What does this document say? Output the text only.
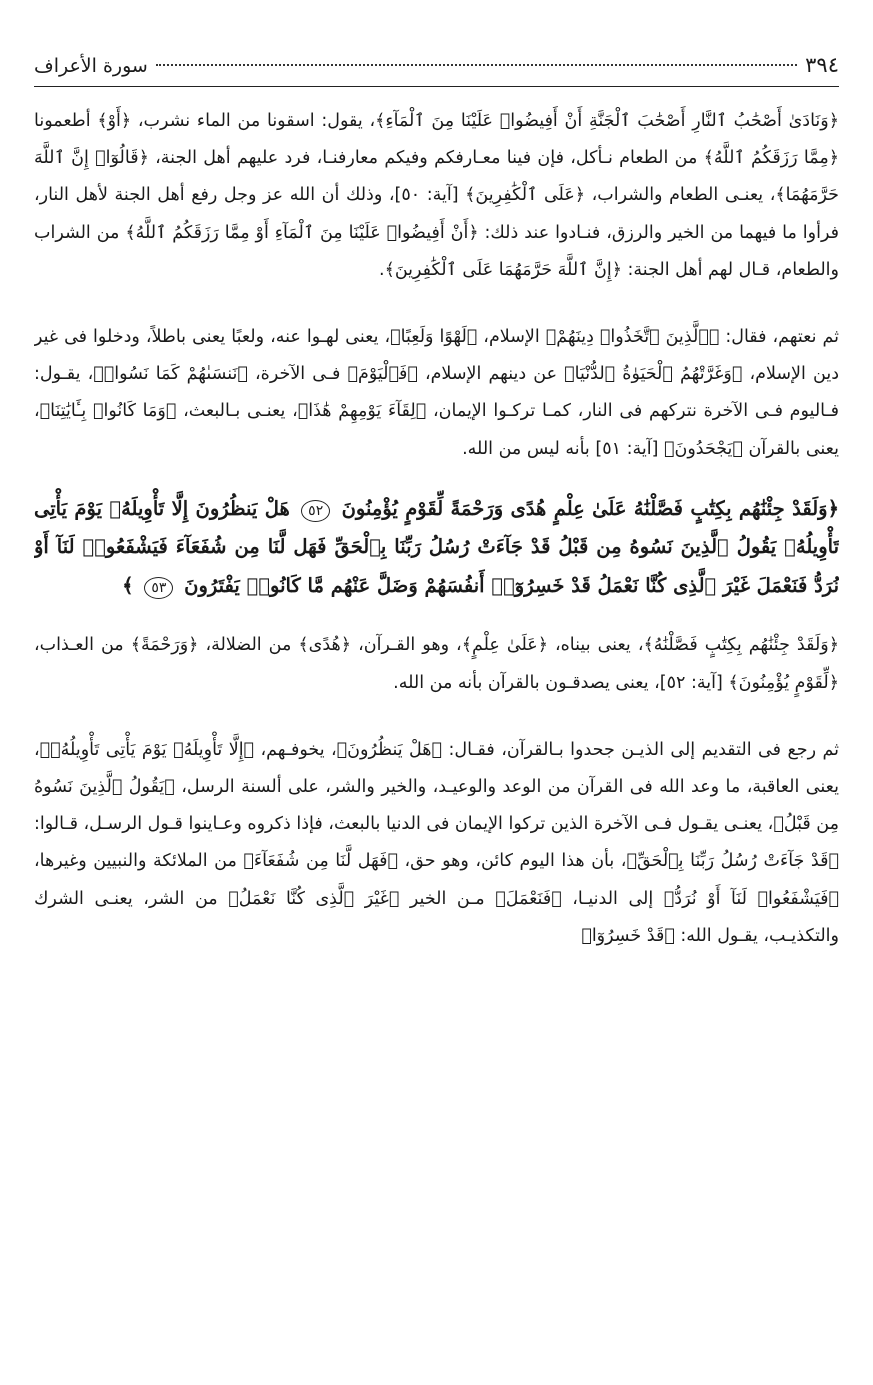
٣٩٤
سورة الأعراف

﴿وَنَادَىٰ أَصْحَٰبُ ٱلنَّارِ أَصْحَٰبَ ٱلْجَنَّةِ أَنْ أَفِيضُوا۟ عَلَيْنَا مِنَ ٱلْمَآءِ﴾، يقول: اسقونا من الماء نشرب، ﴿أَوْ﴾ أطعمونا ﴿مِمَّا رَزَقَكُمُ ٱللَّهُ﴾ من الطعام نـأكل، فإن فينا معـارفكم وفيكم معارفنـا، فرد عليهم أهل الجنة، ﴿قَالُوٓا۟ إِنَّ ٱللَّهَ حَرَّمَهُمَا﴾، يعنـى الطعام والشراب، ﴿عَلَى ٱلْكَٰفِرِينَ﴾ [آية: ٥٠]، وذلك أن الله عز وجل رفع أهل الجنة لأهل النار، فرأوا ما فيهما من الخير والرزق، فنـادوا عند ذلك: ﴿أَنْ أَفِيضُوا۟ عَلَيْنَا مِنَ ٱلْمَآءِ أَوْ مِمَّا رَزَقَكُمُ ٱللَّهُ﴾ من الشراب والطعام، قـال لهم أهل الجنة: ﴿إِنَّ ٱللَّهَ حَرَّمَهُمَا عَلَى ٱلْكَٰفِرِينَ﴾.

ثم نعتهم، فقال: ﴿ٱلَّذِينَ ٱتَّخَذُوا۟ دِينَهُمْ﴾ الإسلام، ﴿لَهْوًا وَلَعِبًا﴾، يعنى لهـوا عنه، ولعبًا يعنى باطلاً، ودخلوا فى غير دين الإسلام، ﴿وَغَرَّتْهُمُ ٱلْحَيَوٰةُ ٱلدُّنْيَا﴾ عن دينهم الإسلام، ﴿فَٱلْيَوْمَ﴾ فـى الآخرة، ﴿نَنسَىٰهُمْ كَمَا نَسُوا۟﴾، يقـول: فـاليوم فـى الآخرة نتركهم فى النار، كمـا تركـوا الإيمان، ﴿لِقَآءَ يَوْمِهِمْ هَٰذَا﴾، يعنـى بـالبعث، ﴿وَمَا كَانُوا۟ بِـَٔايَٰتِنَا﴾، يعنى بالقرآن ﴿يَجْحَدُونَ﴾ [آية: ٥١] بأنه ليس من الله.

﴿وَلَقَدْ جِئْنَٰهُم بِكِتَٰبٍ فَصَّلْنَٰهُ عَلَىٰ عِلْمٍ هُدًى وَرَحْمَةً لِّقَوْمٍ يُؤْمِنُونَ ٥٢ هَلْ يَنظُرُونَ إِلَّا تَأْوِيلَهُۥ يَوْمَ يَأْتِى تَأْوِيلُهُۥ يَقُولُ ٱلَّذِينَ نَسُوهُ مِن قَبْلُ قَدْ جَآءَتْ رُسُلُ رَبِّنَا بِٱلْحَقِّ فَهَل لَّنَا مِن شُفَعَآءَ فَيَشْفَعُوا۟ لَنَآ أَوْ نُرَدُّ فَنَعْمَلَ غَيْرَ ٱلَّذِى كُنَّا نَعْمَلُ قَدْ خَسِرُوٓا۟ أَنفُسَهُمْ وَضَلَّ عَنْهُم مَّا كَانُوا۟ يَفْتَرُونَ ٥٣ ﴾

﴿وَلَقَدْ جِئْنَٰهُم بِكِتَٰبٍ فَصَّلْنَٰهُ﴾، يعنى بيناه، ﴿عَلَىٰ عِلْمٍ﴾، وهو القـرآن، ﴿هُدًى﴾ من الضلالة، ﴿وَرَحْمَةً﴾ من العـذاب، ﴿لِّقَوْمٍ يُؤْمِنُونَ﴾ [آية: ٥٢]، يعنى يصدقـون بالقرآن بأنه من الله.

ثم رجع فى التقديم إلى الذيـن جحدوا بـالقرآن، فقـال: ﴿هَلْ يَنظُرُونَ﴾، يخوفـهم، ﴿إِلَّا تَأْوِيلَهُۥ يَوْمَ يَأْتِى تَأْوِيلُهُۥ﴾، يعنى العاقبة، ما وعد الله فى القرآن من الوعد والوعيـد، والخير والشر، على ألسنة الرسل، ﴿يَقُولُ ٱلَّذِينَ نَسُوهُ مِن قَبْلُ﴾، يعنـى يقـول فـى الآخرة الذين تركوا الإيمان فى الدنيا بالبعث، فإذا ذكروه وعـاينوا قـول الرسـل، قـالوا: ﴿قَدْ جَآءَتْ رُسُلُ رَبِّنَا بِٱلْحَقِّ﴾، بأن هذا اليوم كائن، وهو حق، ﴿فَهَل لَّنَا مِن شُفَعَآءَ﴾ من الملائكة والنبيين وغيرها، ﴿فَيَشْفَعُوا۟ لَنَآ أَوْ نُرَدُّ﴾ إلى الدنيـا، ﴿فَنَعْمَلَ﴾ مـن الخير ﴿غَيْرَ ٱلَّذِى كُنَّا نَعْمَلُ﴾ من الشر، يعنـى الشرك والتكذيـب، يقـول الله: ﴿قَدْ خَسِرُوٓا۟
